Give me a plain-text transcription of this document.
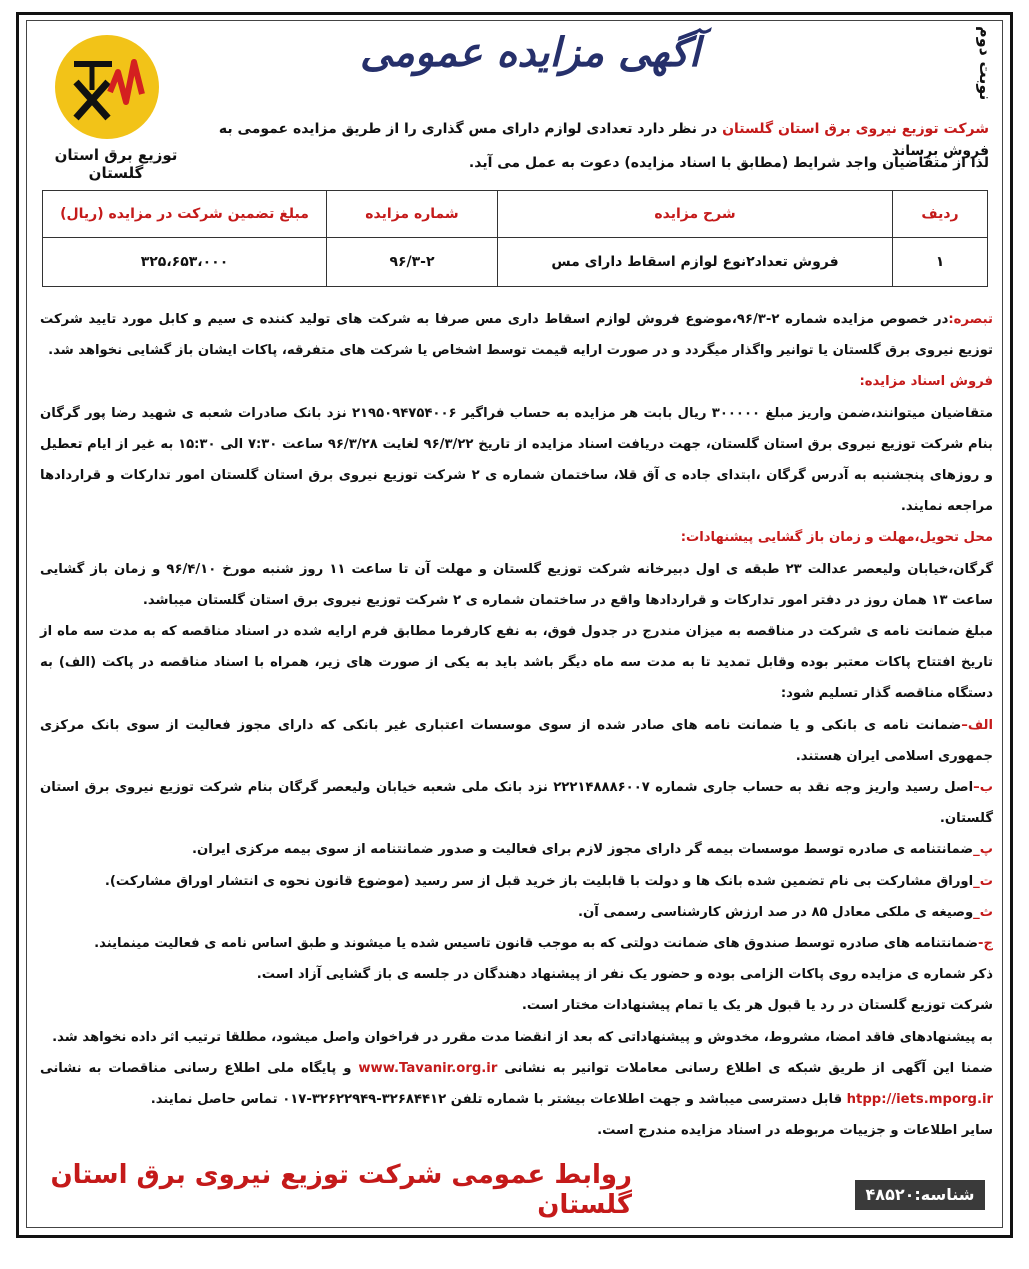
نوبت دوم
آگهی مزایده عمومی
توزیع برق استان گلستان
شرکت توزیع نیروی برق استان گلستان در نظر دارد تعدادی لوازم دارای مس گذاری را از طریق مزایده عمومی به فروش برساند
لذا از متقاضیان واجد شرایط (مطابق با اسناد مزایده) دعوت به عمل می آید.
ردیف	شرح مزایده	شماره مزایده	مبلغ تضمین شرکت در مزایده (ریال)
۱	فروش تعداد۲نوع لوازم اسقاط دارای مس	۹۶/۳-۲	۳۲۵،۶۵۳،۰۰۰

تبصره:در خصوص مزایده شماره ۲-۹۶/۳،موضوع فروش لوازم اسقاط داری مس صرفا به شرکت های تولید کننده ی سیم و کابل مورد تایید شرکت توزیع نیروی برق گلستان یا توانیر واگذار میگردد و در صورت ارایه قیمت توسط اشخاص یا شرکت های متفرقه، پاکات ایشان باز گشایی نخواهد شد.

فروش اسناد مزایده:

متقاضیان میتوانند،ضمن واریز مبلغ ۳۰۰۰۰۰ ریال بابت هر مزایده به حساب فراگیر ۲۱۹۵۰۹۴۷۵۴۰۰۶ نزد بانک صادرات شعبه ی شهید رضا پور گرگان بنام شرکت توزیع نیروی برق استان گلستان، جهت دریافت اسناد مزایده از تاریخ ۹۶/۳/۲۲ لغایت ۹۶/۳/۲۸ ساعت ۷:۳۰ الی ۱۵:۳۰ به غیر از ایام تعطیل و روزهای پنجشنبه به آدرس گرگان ،ابتدای جاده ی آق قلا، ساختمان شماره ی ۲ شرکت توزیع نیروی برق استان گلستان امور تدارکات و قراردادها مراجعه نمایند.

محل تحویل،مهلت و زمان باز گشایی پیشنهادات:

گرگان،خیابان ولیعصر عدالت ۲۳ طبقه ی اول دبیرخانه شرکت توزیع گلستان و مهلت آن تا ساعت ۱۱ روز شنبه مورخ ۹۶/۴/۱۰ و زمان باز گشایی ساعت ۱۳ همان روز در دفتر امور تدارکات و قراردادها واقع در ساختمان شماره ی ۲ شرکت توزیع نیروی برق استان گلستان میباشد.

مبلغ ضمانت نامه ی شرکت در مناقصه به میزان مندرج در جدول فوق، به نفع کارفرما مطابق فرم ارایه شده در اسناد مناقصه که به مدت سه ماه از تاریخ افتتاح پاکات معتبر بوده وقابل تمدید تا به مدت سه ماه دیگر باشد باید به یکی از صورت های زیر، همراه با اسناد مناقصه در پاکت (الف) به دستگاه مناقصه گذار تسلیم شود:

الف–ضمانت نامه ی بانکی و یا ضمانت نامه های صادر شده از سوی موسسات اعتباری غیر بانکی که دارای مجوز فعالیت از سوی بانک مرکزی جمهوری اسلامی ایران هستند.

ب–اصل رسید واریز وجه نقد به حساب جاری شماره ۲۲۲۱۴۸۸۸۶۰۰۷ نزد بانک ملی شعبه خیابان ولیعصر گرگان بنام شرکت توزیع نیروی برق استان گلستان.

پ_ضمانتنامه ی صادره توسط موسسات بیمه گر دارای مجوز لازم برای فعالیت و صدور ضمانتنامه از سوی بیمه مرکزی ایران.

ت_اوراق مشارکت بی نام تضمین شده بانک ها و دولت با قابلیت باز خرید قبل از سر رسید (موضوع قانون نحوه ی انتشار اوراق مشارکت).

ث_وصیغه ی ملکی معادل ۸۵ در صد ارزش کارشناسی رسمی آن.

ج-ضمانتنامه های صادره توسط صندوق های ضمانت دولتی که به موجب قانون تاسیس شده یا میشوند و طبق اساس نامه ی فعالیت مینمایند.

ذکر شماره ی مزایده روی پاکات الزامی بوده و حضور یک نفر از پیشنهاد دهندگان در جلسه ی باز گشایی آزاد است.

شرکت توزیع گلستان در رد یا قبول هر یک یا تمام پیشنهادات مختار است.

به پیشنهادهای فاقد امضا، مشروط، مخدوش و پیشنهاداتی که بعد از انقضا مدت مقرر در فراخوان واصل میشود، مطلقا ترتیب اثر داده نخواهد شد.

ضمنا این آگهی از طریق شبکه ی اطلاع رسانی معاملات توانیر به نشانی www.Tavanir.org.ir و پایگاه ملی اطلاع رسانی مناقصات به نشانی htpp://iets.mporg.ir قابل دسترسی میباشد و جهت اطلاعات بیشتر با شماره تلفن ۳۲۶۸۴۴۱۲-۳۲۶۲۲۹۴۹-۰۱۷ تماس حاصل نمایند.

سایر اطلاعات و جزییات مربوطه در اسناد مزایده مندرج است.

روابط عمومی شرکت توزیع نیروی برق استان گلستان	شناسه:۴۸۵۲۰
